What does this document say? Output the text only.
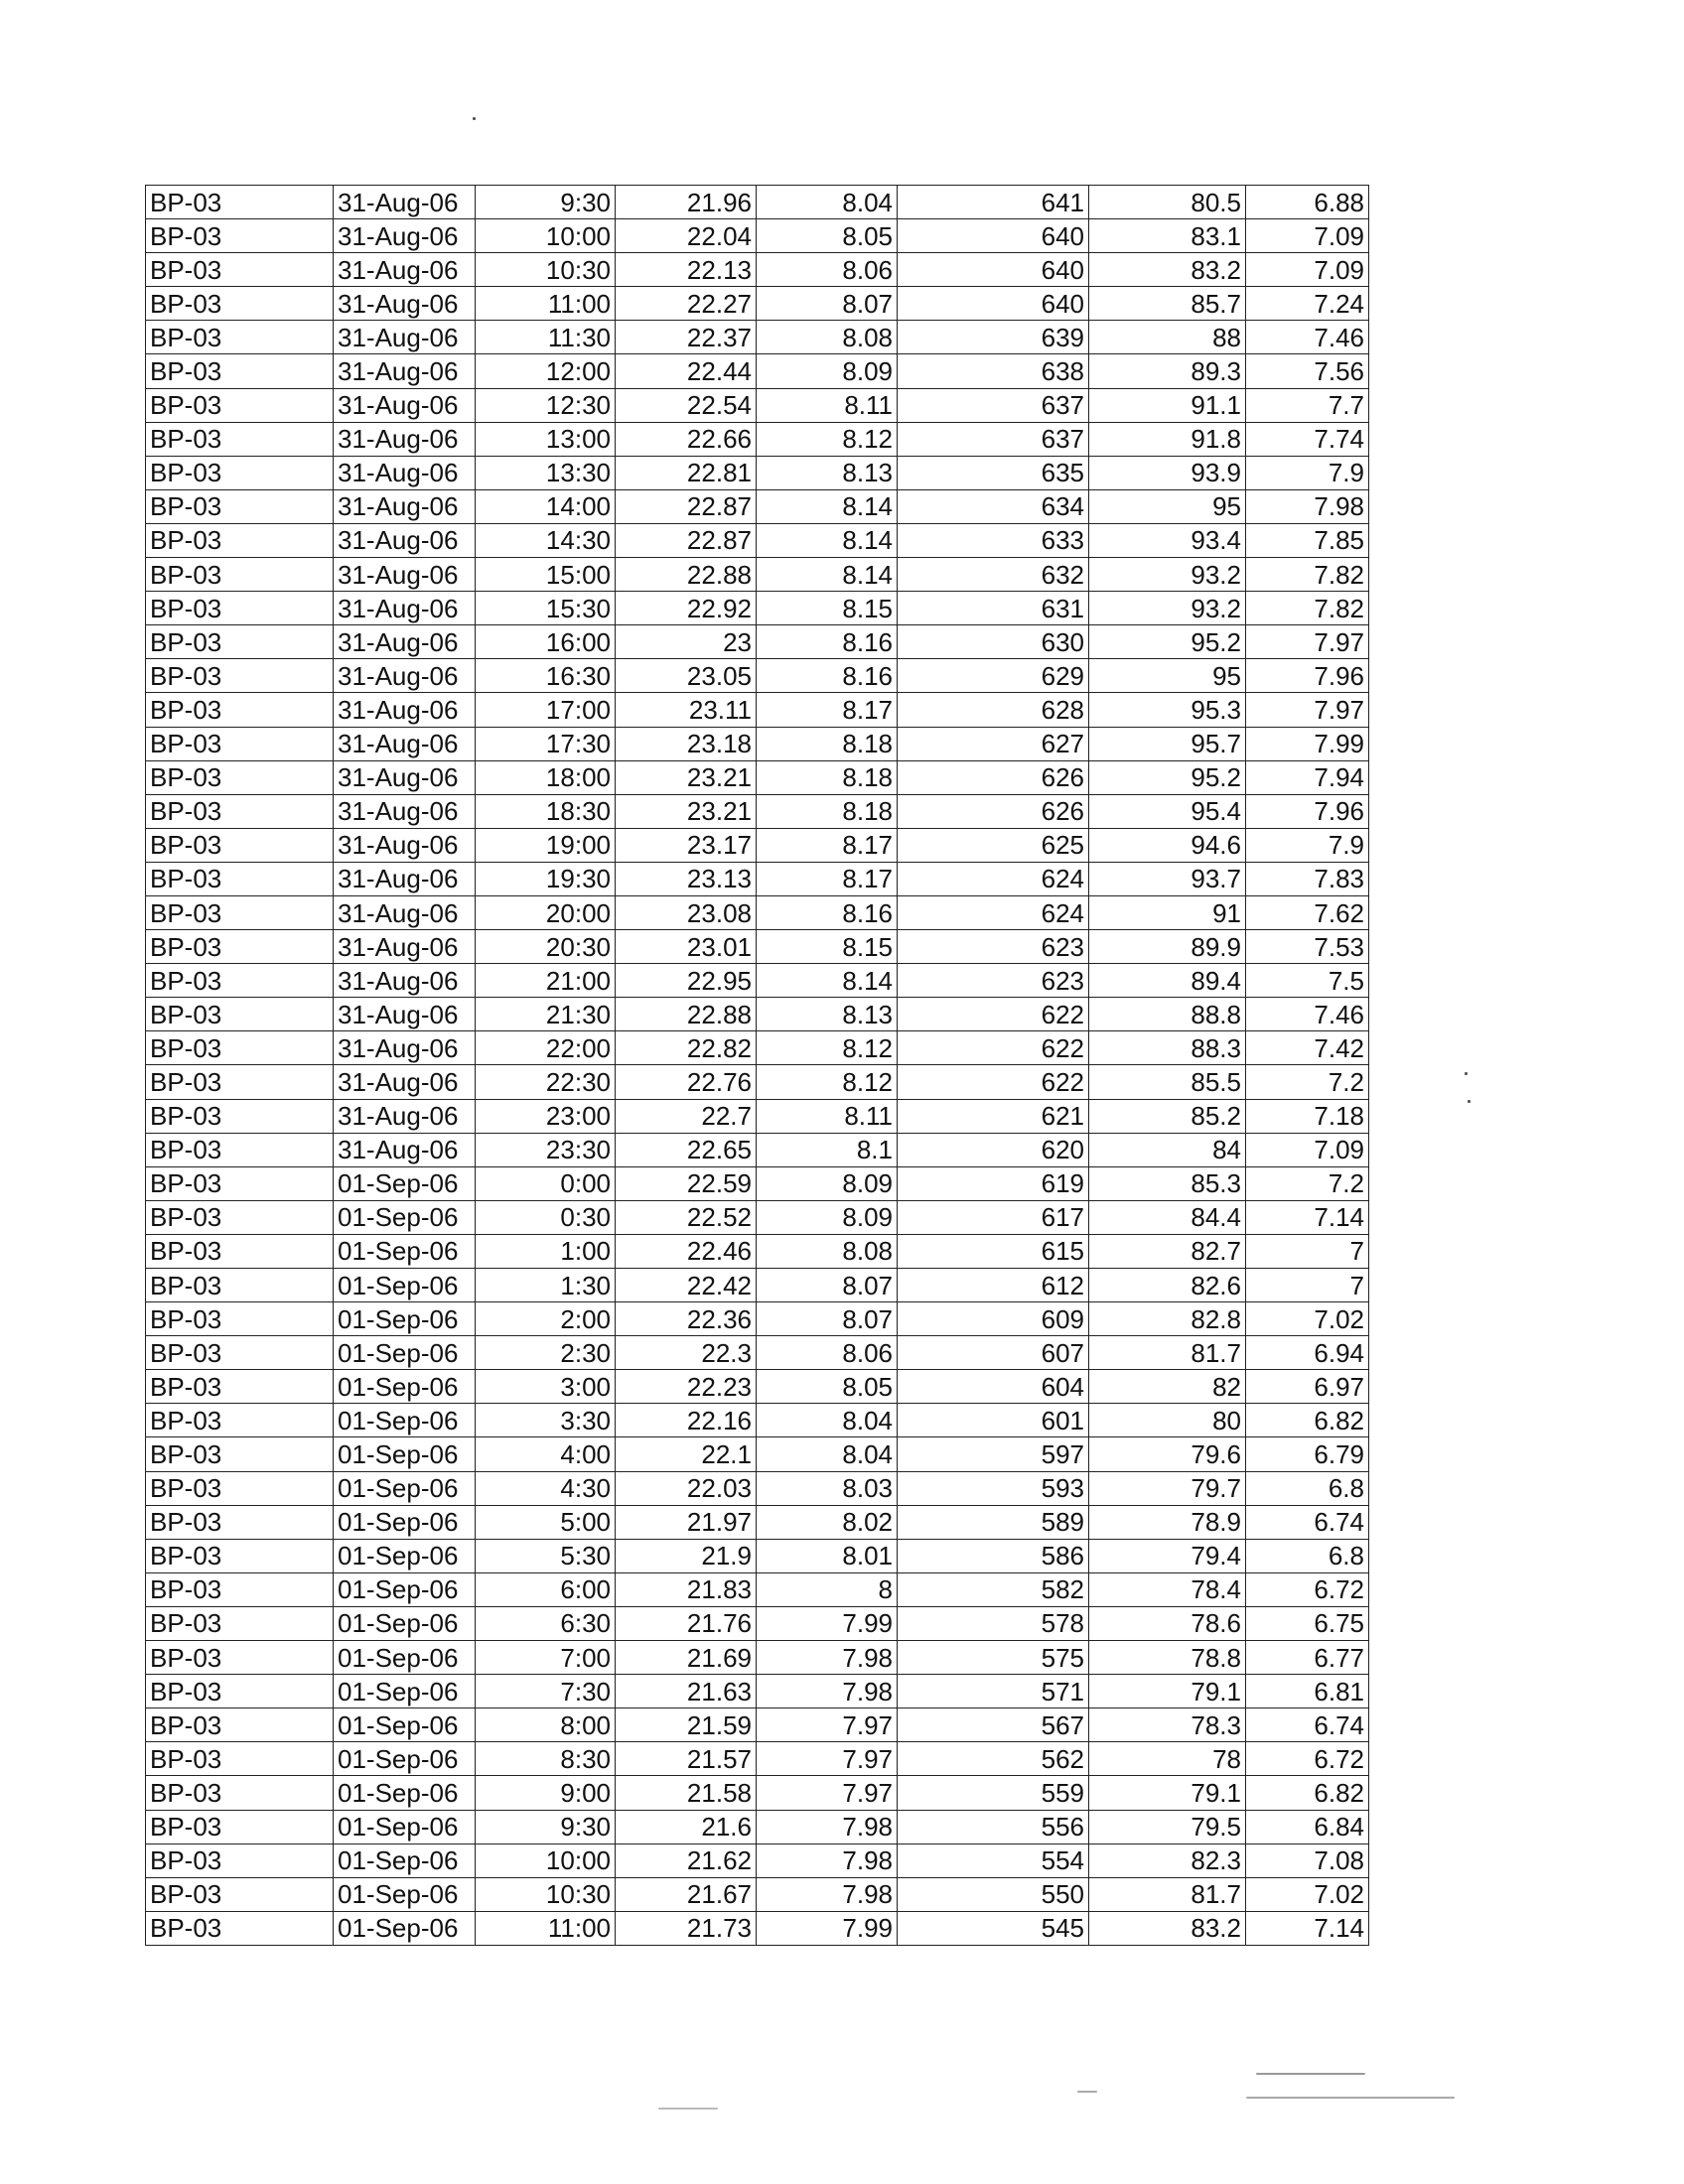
BP-03	31-Aug-06	9:30	21.96	8.04	641	80.5	6.88
BP-03	31-Aug-06	10:00	22.04	8.05	640	83.1	7.09
BP-03	31-Aug-06	10:30	22.13	8.06	640	83.2	7.09
BP-03	31-Aug-06	11:00	22.27	8.07	640	85.7	7.24
BP-03	31-Aug-06	11:30	22.37	8.08	639	88	7.46
BP-03	31-Aug-06	12:00	22.44	8.09	638	89.3	7.56
BP-03	31-Aug-06	12:30	22.54	8.11	637	91.1	7.7
BP-03	31-Aug-06	13:00	22.66	8.12	637	91.8	7.74
BP-03	31-Aug-06	13:30	22.81	8.13	635	93.9	7.9
BP-03	31-Aug-06	14:00	22.87	8.14	634	95	7.98
BP-03	31-Aug-06	14:30	22.87	8.14	633	93.4	7.85
BP-03	31-Aug-06	15:00	22.88	8.14	632	93.2	7.82
BP-03	31-Aug-06	15:30	22.92	8.15	631	93.2	7.82
BP-03	31-Aug-06	16:00	23	8.16	630	95.2	7.97
BP-03	31-Aug-06	16:30	23.05	8.16	629	95	7.96
BP-03	31-Aug-06	17:00	23.11	8.17	628	95.3	7.97
BP-03	31-Aug-06	17:30	23.18	8.18	627	95.7	7.99
BP-03	31-Aug-06	18:00	23.21	8.18	626	95.2	7.94
BP-03	31-Aug-06	18:30	23.21	8.18	626	95.4	7.96
BP-03	31-Aug-06	19:00	23.17	8.17	625	94.6	7.9
BP-03	31-Aug-06	19:30	23.13	8.17	624	93.7	7.83
BP-03	31-Aug-06	20:00	23.08	8.16	624	91	7.62
BP-03	31-Aug-06	20:30	23.01	8.15	623	89.9	7.53
BP-03	31-Aug-06	21:00	22.95	8.14	623	89.4	7.5
BP-03	31-Aug-06	21:30	22.88	8.13	622	88.8	7.46
BP-03	31-Aug-06	22:00	22.82	8.12	622	88.3	7.42
BP-03	31-Aug-06	22:30	22.76	8.12	622	85.5	7.2
BP-03	31-Aug-06	23:00	22.7	8.11	621	85.2	7.18
BP-03	31-Aug-06	23:30	22.65	8.1	620	84	7.09
BP-03	01-Sep-06	0:00	22.59	8.09	619	85.3	7.2
BP-03	01-Sep-06	0:30	22.52	8.09	617	84.4	7.14
BP-03	01-Sep-06	1:00	22.46	8.08	615	82.7	7
BP-03	01-Sep-06	1:30	22.42	8.07	612	82.6	7
BP-03	01-Sep-06	2:00	22.36	8.07	609	82.8	7.02
BP-03	01-Sep-06	2:30	22.3	8.06	607	81.7	6.94
BP-03	01-Sep-06	3:00	22.23	8.05	604	82	6.97
BP-03	01-Sep-06	3:30	22.16	8.04	601	80	6.82
BP-03	01-Sep-06	4:00	22.1	8.04	597	79.6	6.79
BP-03	01-Sep-06	4:30	22.03	8.03	593	79.7	6.8
BP-03	01-Sep-06	5:00	21.97	8.02	589	78.9	6.74
BP-03	01-Sep-06	5:30	21.9	8.01	586	79.4	6.8
BP-03	01-Sep-06	6:00	21.83	8	582	78.4	6.72
BP-03	01-Sep-06	6:30	21.76	7.99	578	78.6	6.75
BP-03	01-Sep-06	7:00	21.69	7.98	575	78.8	6.77
BP-03	01-Sep-06	7:30	21.63	7.98	571	79.1	6.81
BP-03	01-Sep-06	8:00	21.59	7.97	567	78.3	6.74
BP-03	01-Sep-06	8:30	21.57	7.97	562	78	6.72
BP-03	01-Sep-06	9:00	21.58	7.97	559	79.1	6.82
BP-03	01-Sep-06	9:30	21.6	7.98	556	79.5	6.84
BP-03	01-Sep-06	10:00	21.62	7.98	554	82.3	7.08
BP-03	01-Sep-06	10:30	21.67	7.98	550	81.7	7.02
BP-03	01-Sep-06	11:00	21.73	7.99	545	83.2	7.14
